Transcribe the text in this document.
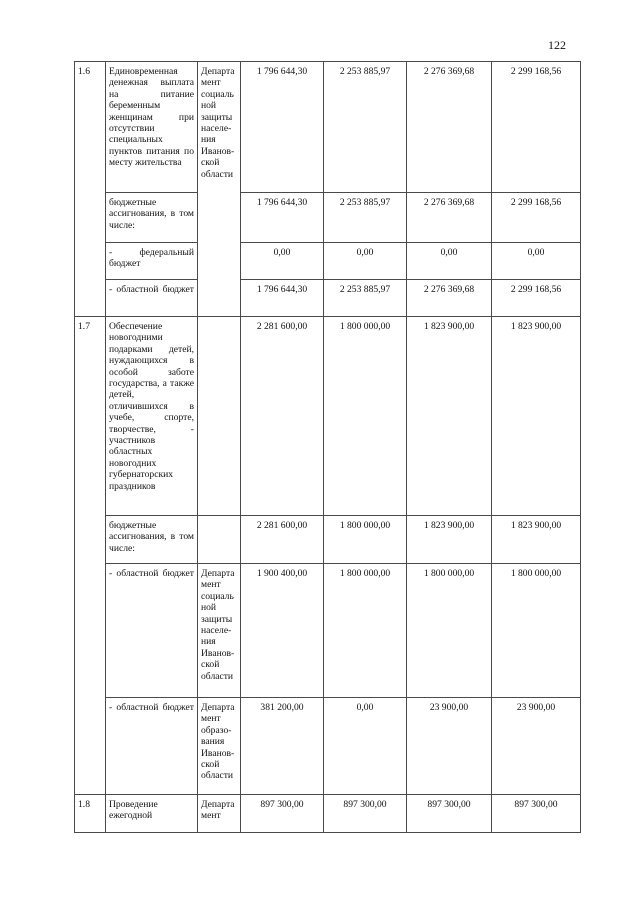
122
1.6	Единовременная денежная выплата на питание беременным женщинам при отсутствии специальных пунктов питания по месту жительства	Департа мент социаль ной защиты населе- ния Иванов- ской области	1 796 644,30	2 253 885,97	2 276 369,68	2 299 168,56
	бюджетные ассигнования, в том числе:		1 796 644,30	2 253 885,97	2 276 369,68	2 299 168,56
	- федеральный бюджет		0,00	0,00	0,00	0,00
	- областной бюджет		1 796 644,30	2 253 885,97	2 276 369,68	2 299 168,56
1.7	Обеспечение новогодними подарками детей, нуждающихся в особой заботе государства, а также детей, отличившихся в учебе, спорте, творчестве, - участников областных новогодних губернаторских праздников		2 281 600,00	1 800 000,00	1 823 900,00	1 823 900,00
	бюджетные ассигнования, в том числе:		2 281 600,00	1 800 000,00	1 823 900,00	1 823 900,00
	- областной бюджет	Департа мент социаль ной защиты населе- ния Иванов- ской области	1 900 400,00	1 800 000,00	1 800 000,00	1 800 000,00
	- областной бюджет	Департа мент образо- вания Иванов- ской области	381 200,00	0,00	23 900,00	23 900,00
1.8	Проведение ежегодной	Департа мент	897 300,00	897 300,00	897 300,00	897 300,00
